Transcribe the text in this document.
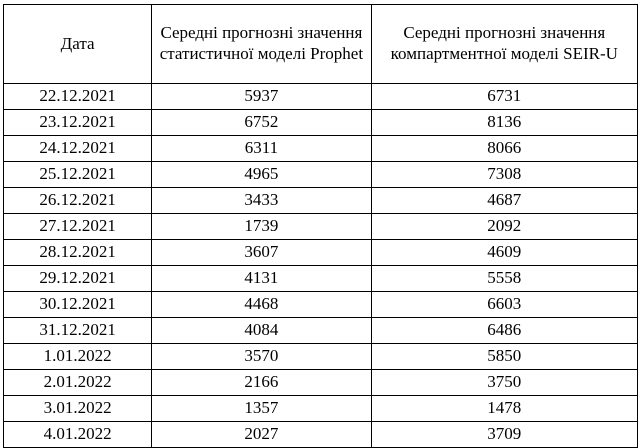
Дата	Середні прогнозні значення статистичної моделі Prophet	Середні прогнозні значення компартментної моделі SEIR-U
22.12.2021	5937	6731
23.12.2021	6752	8136
24.12.2021	6311	8066
25.12.2021	4965	7308
26.12.2021	3433	4687
27.12.2021	1739	2092
28.12.2021	3607	4609
29.12.2021	4131	5558
30.12.2021	4468	6603
31.12.2021	4084	6486
1.01.2022	3570	5850
2.01.2022	2166	3750
3.01.2022	1357	1478
4.01.2022	2027	3709
